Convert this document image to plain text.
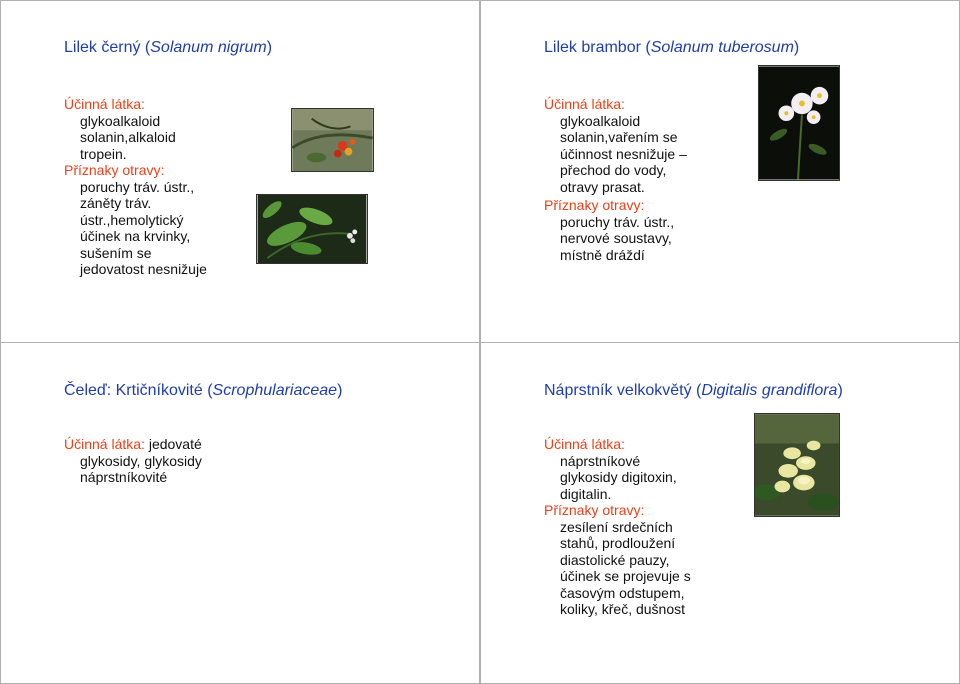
Lilek černý (Solanum nigrum)
Účinná látka:
glykoalkaloid
solanin,alkaloid
tropein.
Příznaky otravy:
poruchy tráv. ústr.,
záněty tráv.
ústr.,hemolytický
účinek na krvinky,
sušením se
jedovatost nesnižuje
Lilek brambor (Solanum tuberosum)
Účinná látka:
glykoalkaloid
solanin,vařením se
účinnost nesnižuje –
přechod do vody,
otravy prasat.
Příznaky otravy:
poruchy tráv. ústr.,
nervové soustavy,
místně dráždí
Čeleď: Krtičníkovité (Scrophulariaceae)
Účinná látka: jedovaté
glykosidy, glykosidy
náprstníkovité
Náprstník velkokvětý (Digitalis grandiflora)
Účinná látka:
náprstníkové
glykosidy digitoxin,
digitalin.
Příznaky otravy:
zesílení srdečních
stahů, prodloužení
diastolické pauzy,
účinek se projevuje s
časovým odstupem,
koliky, křeč, dušnost
